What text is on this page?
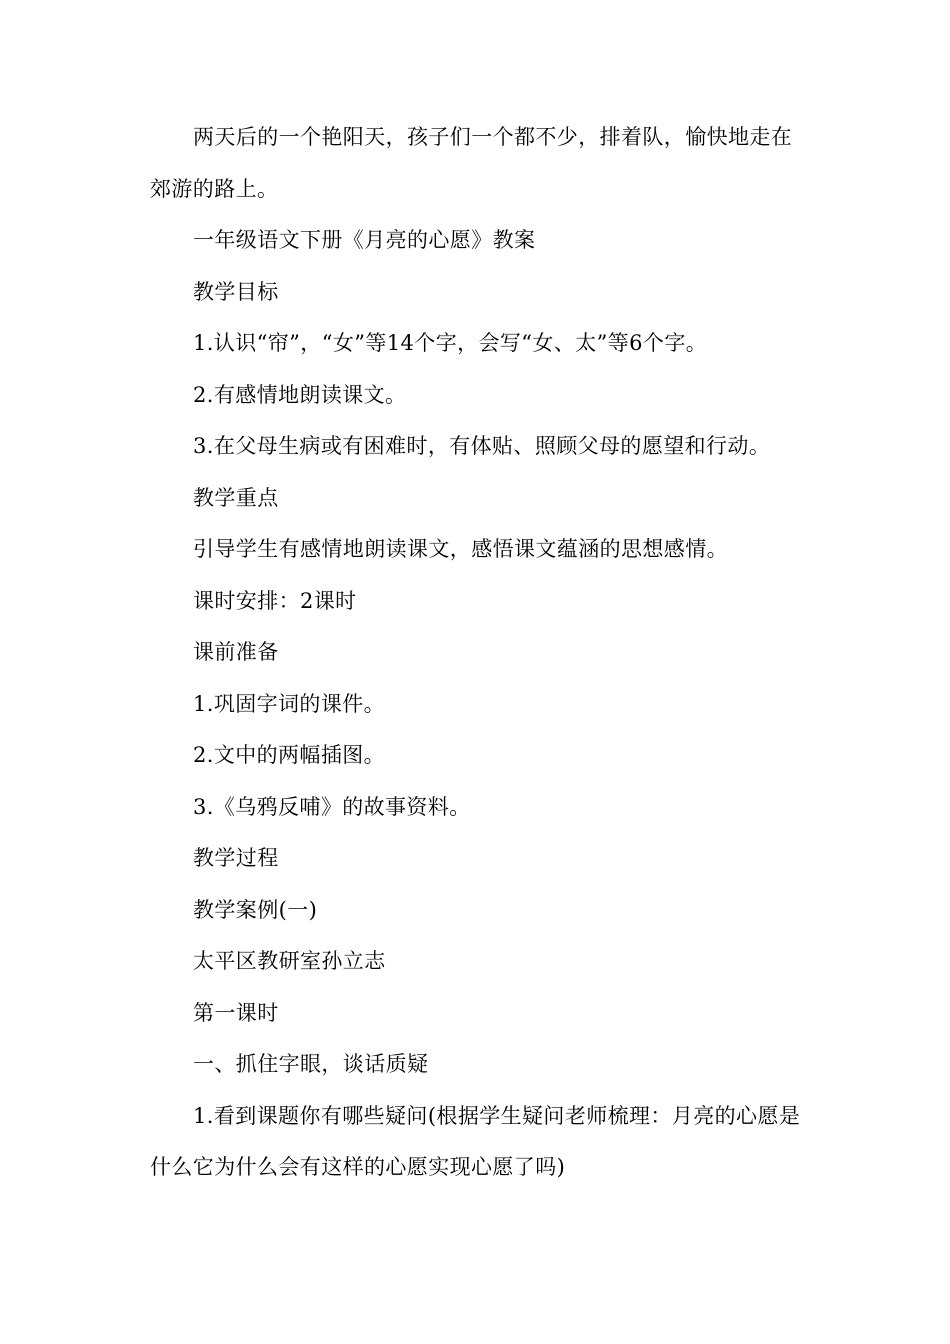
两天后的一个艳阳天，孩子们一个都不少，排着队，愉快地走在郊游的路上。

一年级语文下册《月亮的心愿》教案

教学目标

1.认识“帘”，“女”等14个字，会写“女、太”等6个字。

2.有感情地朗读课文。

3.在父母生病或有困难时，有体贴、照顾父母的愿望和行动。

教学重点

引导学生有感情地朗读课文，感悟课文蕴涵的思想感情。

课时安排：2课时

课前准备

1.巩固字词的课件。

2.文中的两幅插图。

3.《乌鸦反哺》的故事资料。

教学过程

教学案例(一)

太平区教研室孙立志

第一课时

一、抓住字眼，谈话质疑

1.看到课题你有哪些疑问(根据学生疑问老师梳理：月亮的心愿是什么它为什么会有这样的心愿实现心愿了吗)
